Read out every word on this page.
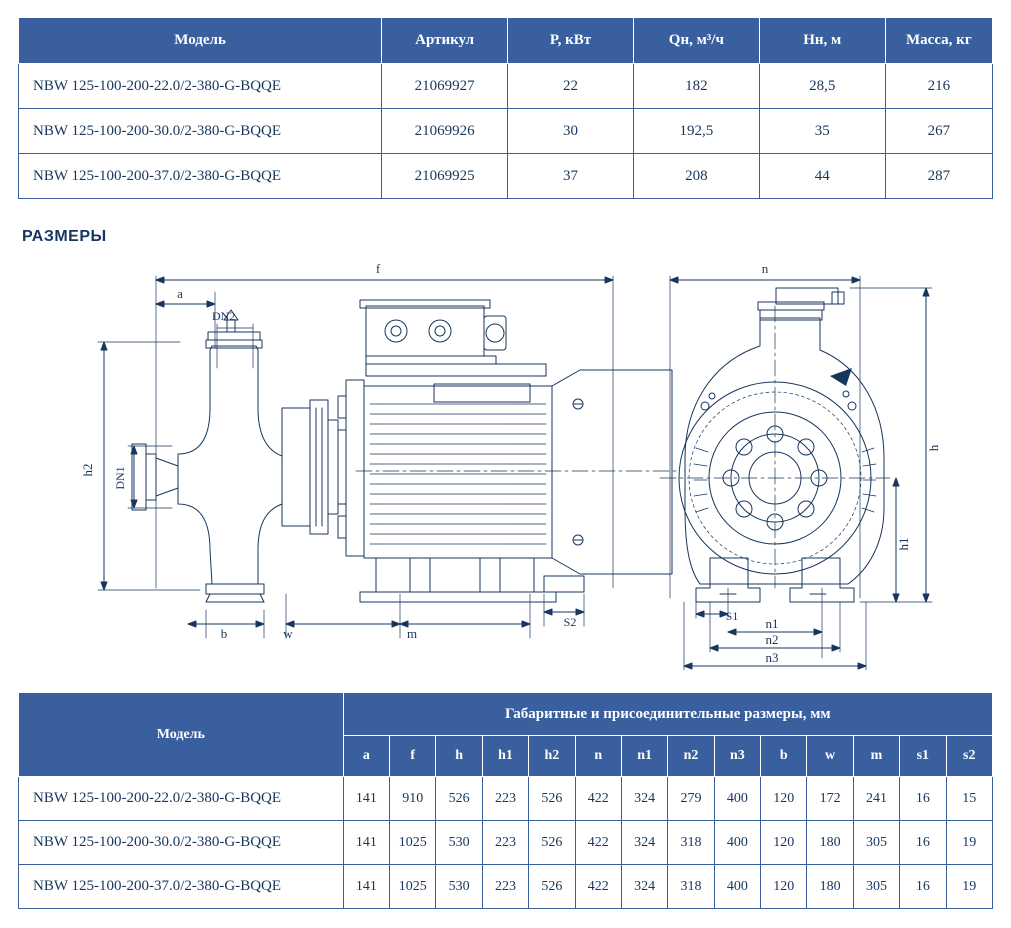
Модель	Артикул	P, кВт	Qн, м³/ч	Hн, м	Масса, кг
NBW 125-100-200-22.0/2-380-G-BQQE	21069927	22	182	28,5	216
NBW 125-100-200-30.0/2-380-G-BQQE	21069926	30	192,5	35	267
NBW 125-100-200-37.0/2-380-G-BQQE	21069925	37	208	44	287
РАЗМЕРЫ
f
a
DN2
h2 DN1
b	w	m
S2
n
h
h1
S1 n1
n2
n3
Модель	Габаритные и присоединительные размеры, мм													
	a	f	h	h1	h2	n	n1	n2	n3	b	w	m	s1	s2
NBW 125-100-200-22.0/2-380-G-BQQE	141	910	526	223	526	422	324	279	400	120	172	241	16	15
NBW 125-100-200-30.0/2-380-G-BQQE	141	1025	530	223	526	422	324	318	400	120	180	305	16	19
NBW 125-100-200-37.0/2-380-G-BQQE	141	1025	530	223	526	422	324	318	400	120	180	305	16	19
